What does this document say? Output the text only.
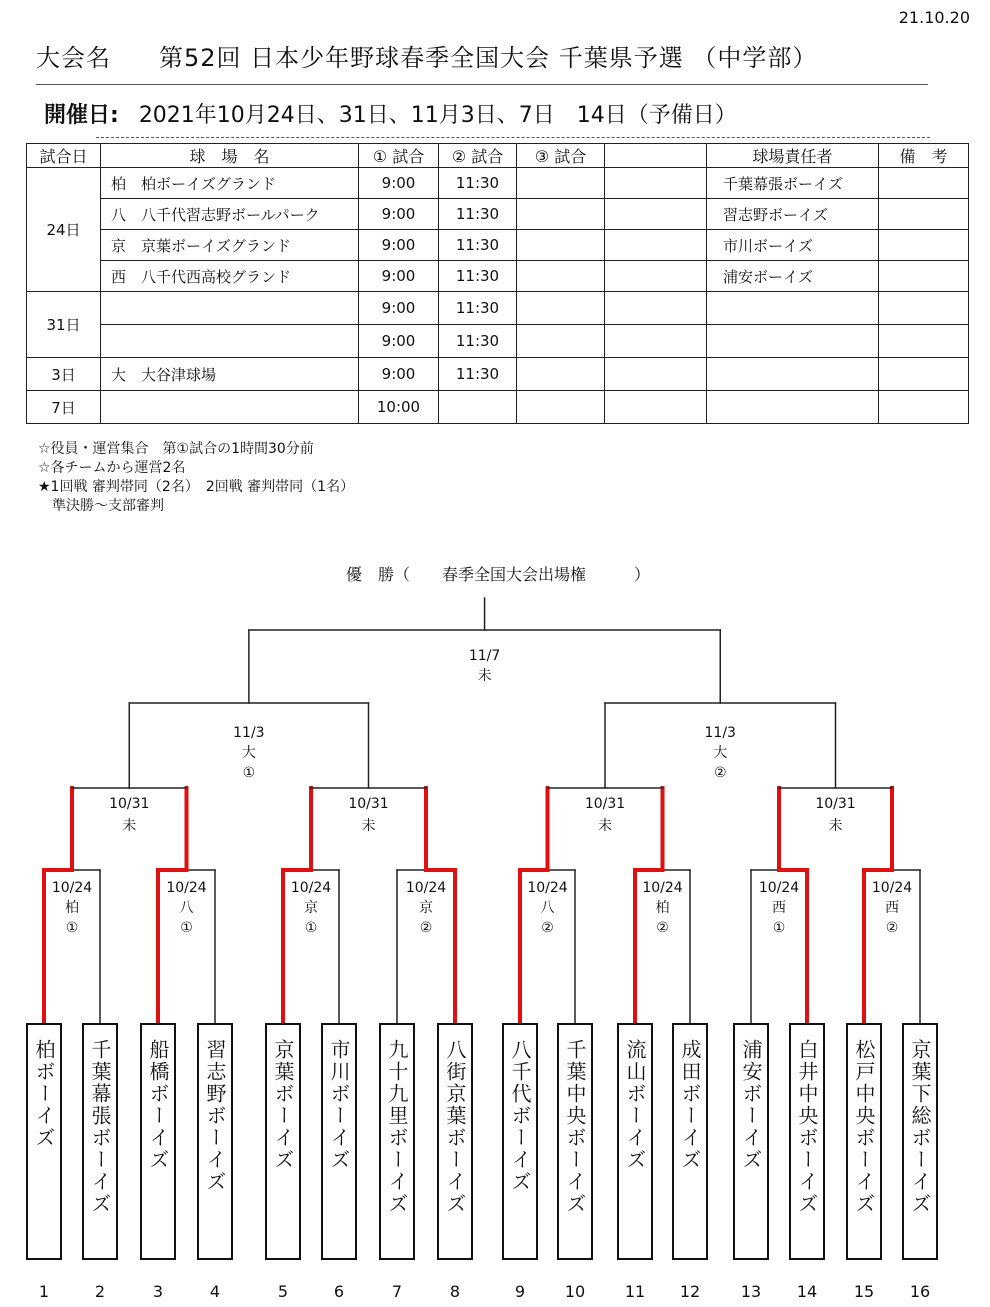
21.10.20
大会名 第52回 日本少年野球春季全国大会 千葉県予選 （中学部）
開催日: 2021年10月24日、31日、11月3日、7日　14日（予備日）
試合日	球　場　名	① 試合	② 試合	③ 試合		球場責任者	備　考
24日	柏　柏ボーイズグランド	9:00	11:30			千葉幕張ボーイズ	
	八　八千代習志野ボールパーク	9:00	11:30			習志野ボーイズ	
	京　京葉ボーイズグランド	9:00	11:30			市川ボーイズ	
	西　八千代西高校グランド	9:00	11:30			浦安ボーイズ	
31日		9:00	11:30				
		9:00	11:30				
3日	大　大谷津球場	9:00	11:30				
7日		10:00					
☆役員・運営集合　第①試合の1時間30分前
☆各チームから運営2名
★1回戦 審判帯同（2名）　2回戦 審判帯同（1名）
　準決勝～支部審判
優　勝（　　春季全国大会出場権　　　）
10/24
柏
①
10/24
八
①
10/24
京
①
10/24
京
②
10/24
八
②
10/24
柏
②
10/24
西
①
10/24
西
②
10/31
未
10/31
未
10/31
未
10/31
未
11/3
大
①
11/3
大
②
11/7
未
柏ボーイズ
1
千葉幕張ボーイズ
2
船橋ボーイズ
3
習志野ボーイズ
4
京葉ボーイズ
5
市川ボーイズ
6
九十九里ボーイズ
7
八街京葉ボーイズ
8
八千代ボーイズ
9
千葉中央ボーイズ
10
流山ボーイズ
11
成田ボーイズ
12
浦安ボーイズ
13
白井中央ボーイズ
14
松戸中央ボーイズ
15
京葉下総ボーイズ
16
